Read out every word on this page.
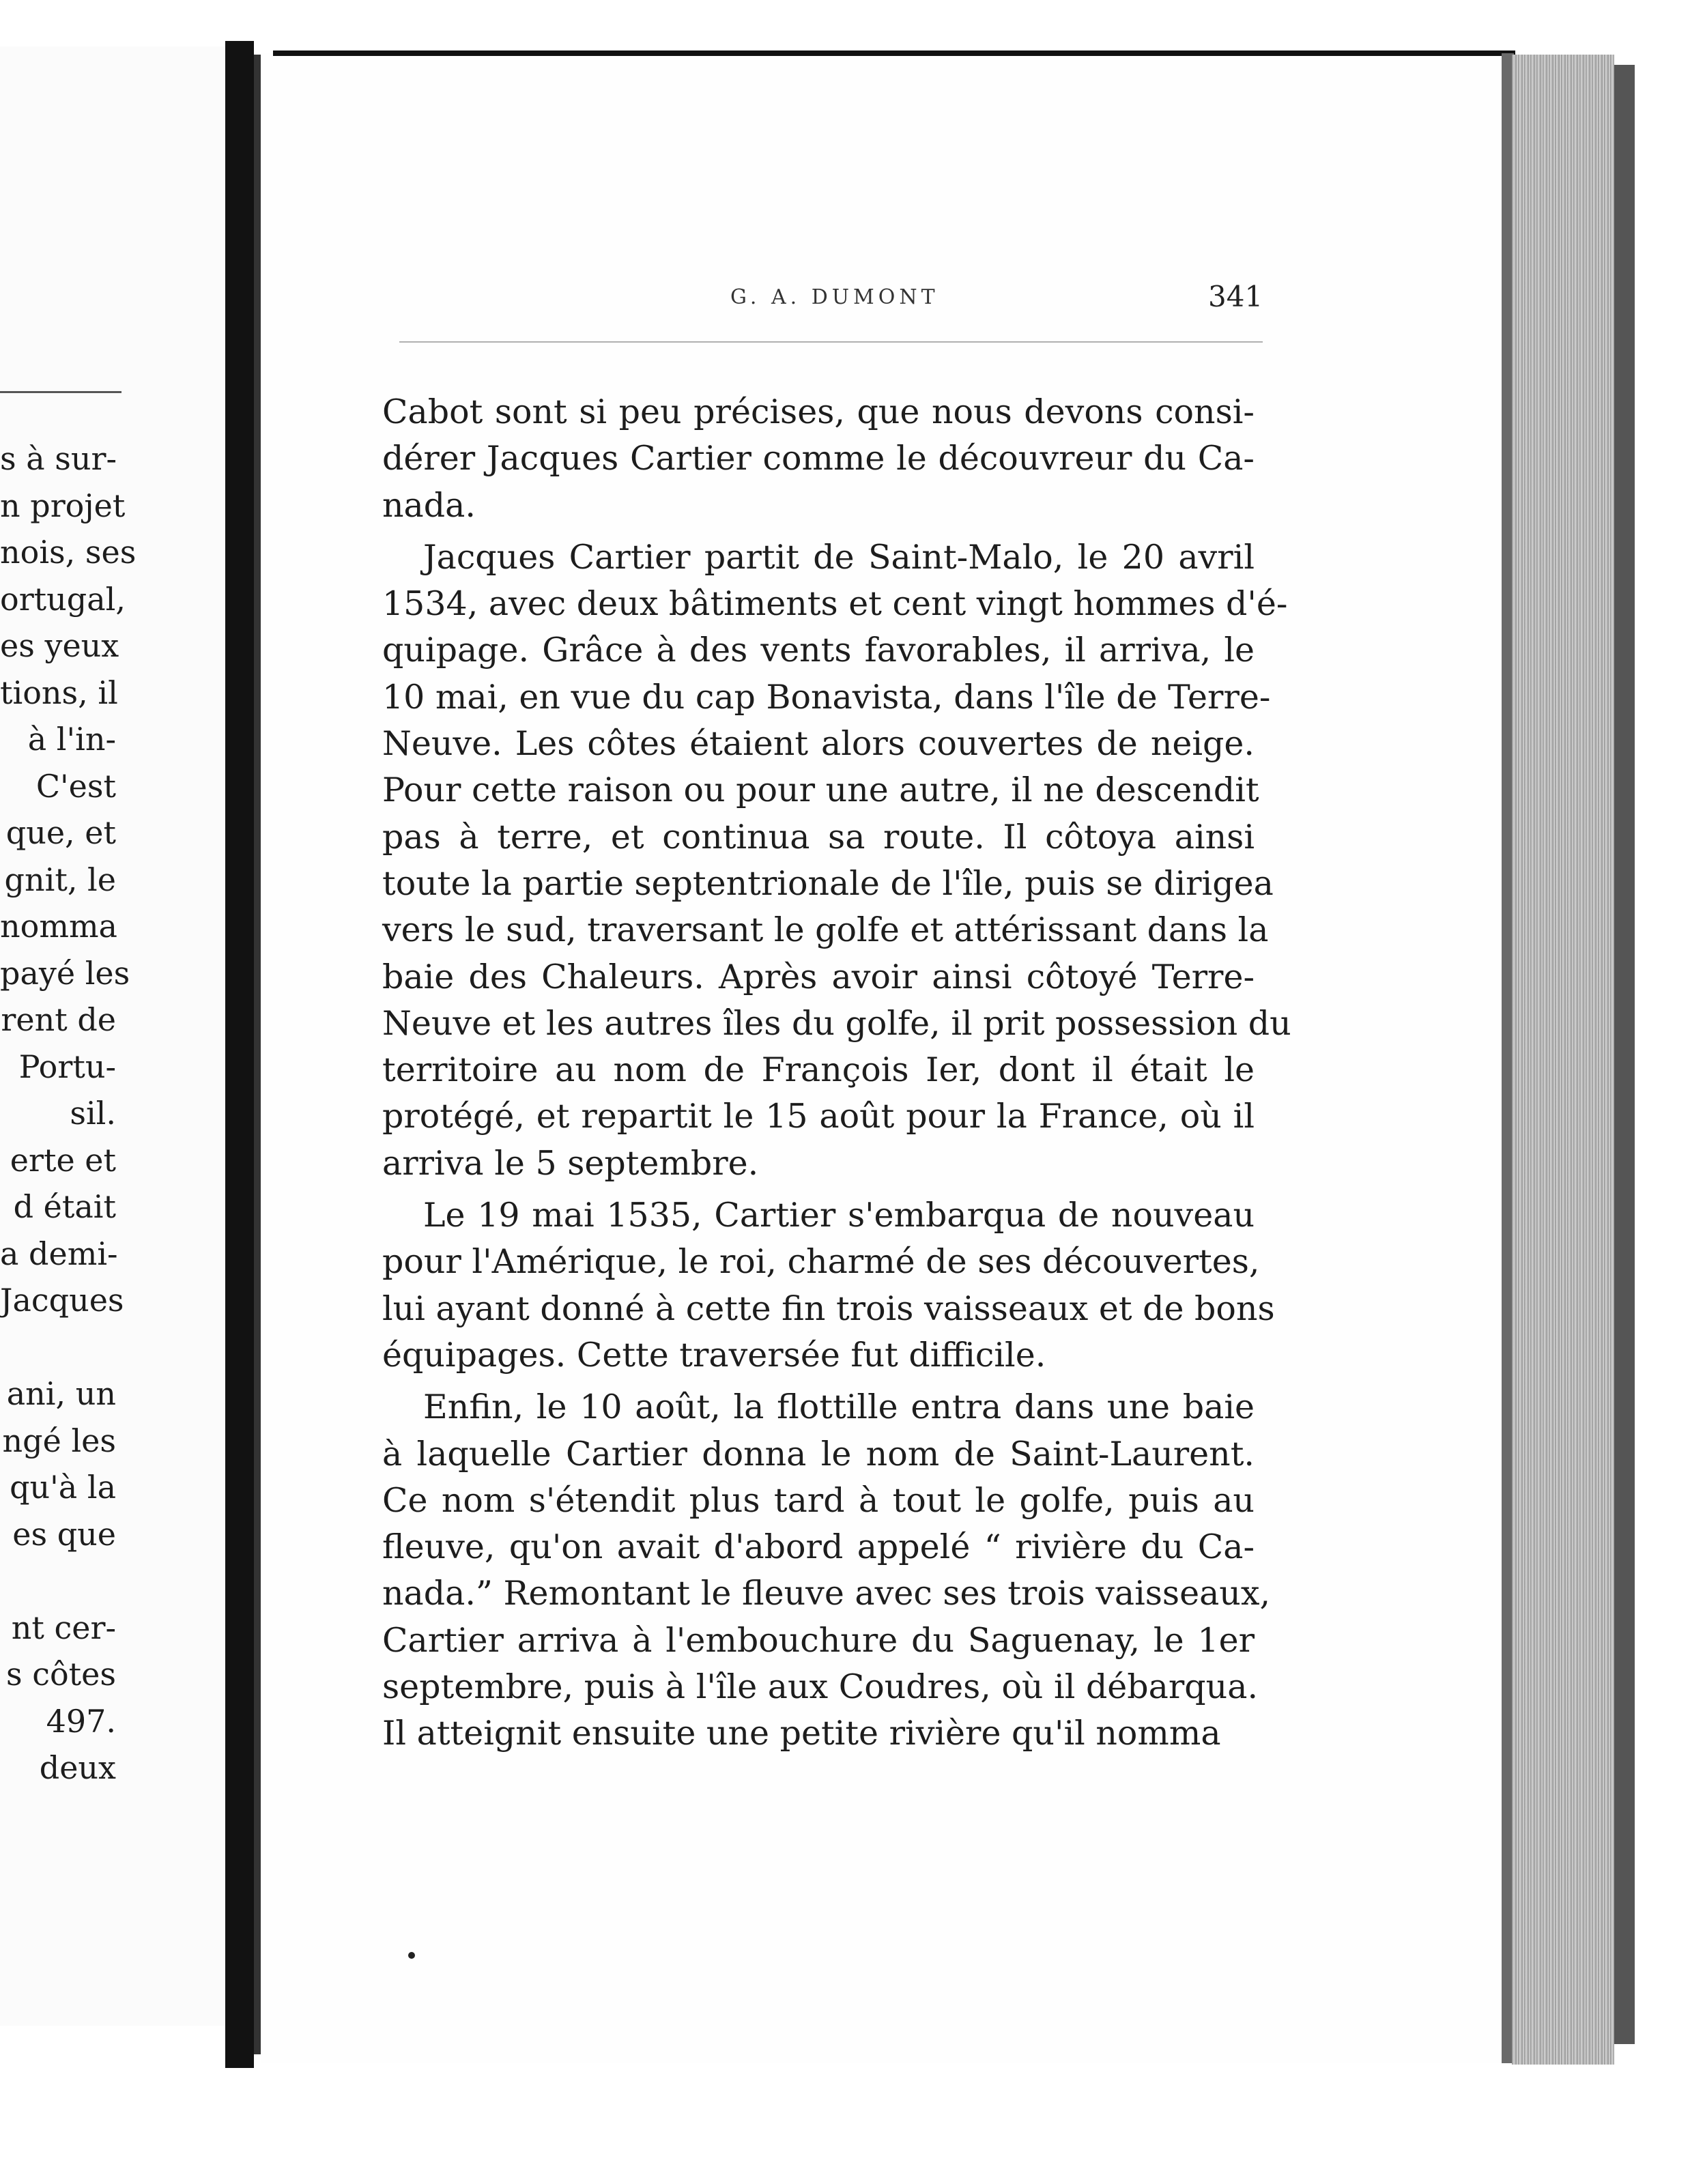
s à sur-
n projet
nois, ses
ortugal,
es yeux
tions, il
à l'in-
C'est
que, et
gnit, le
nomma
payé les
rent de
Portu-
sil.
erte et
d était
a demi-
Jacques
ani, un
ngé les
qu'à la
es que
nt cer-
s côtes
497.
deux
G. A. DUMONT	341
Cabot sont si peu précises, que nous devons consi-
dérer Jacques Cartier comme le découvreur du Ca-
nada.
Jacques Cartier partit de Saint-Malo, le 20 avril
1534, avec deux bâtiments et cent vingt hommes d'é-
quipage. Grâce à des vents favorables, il arriva, le
10 mai, en vue du cap Bonavista, dans l'île de Terre-
Neuve. Les côtes étaient alors couvertes de neige.
Pour cette raison ou pour une autre, il ne descendit
pas à terre, et continua sa route. Il côtoya ainsi
toute la partie septentrionale de l'île, puis se dirigea
vers le sud, traversant le golfe et attérissant dans la
baie des Chaleurs. Après avoir ainsi côtoyé Terre-
Neuve et les autres îles du golfe, il prit possession du
territoire au nom de François Ier, dont il était le
protégé, et repartit le 15 août pour la France, où il
arriva le 5 septembre.
Le 19 mai 1535, Cartier s'embarqua de nouveau
pour l'Amérique, le roi, charmé de ses découvertes,
lui ayant donné à cette fin trois vaisseaux et de bons
équipages. Cette traversée fut difficile.
Enfin, le 10 août, la flottille entra dans une baie
à laquelle Cartier donna le nom de Saint-Laurent.
Ce nom s'étendit plus tard à tout le golfe, puis au
fleuve, qu'on avait d'abord appelé “ rivière du Ca-
nada.” Remontant le fleuve avec ses trois vaisseaux,
Cartier arriva à l'embouchure du Saguenay, le 1er
septembre, puis à l'île aux Coudres, où il débarqua.
Il atteignit ensuite une petite rivière qu'il nomma
